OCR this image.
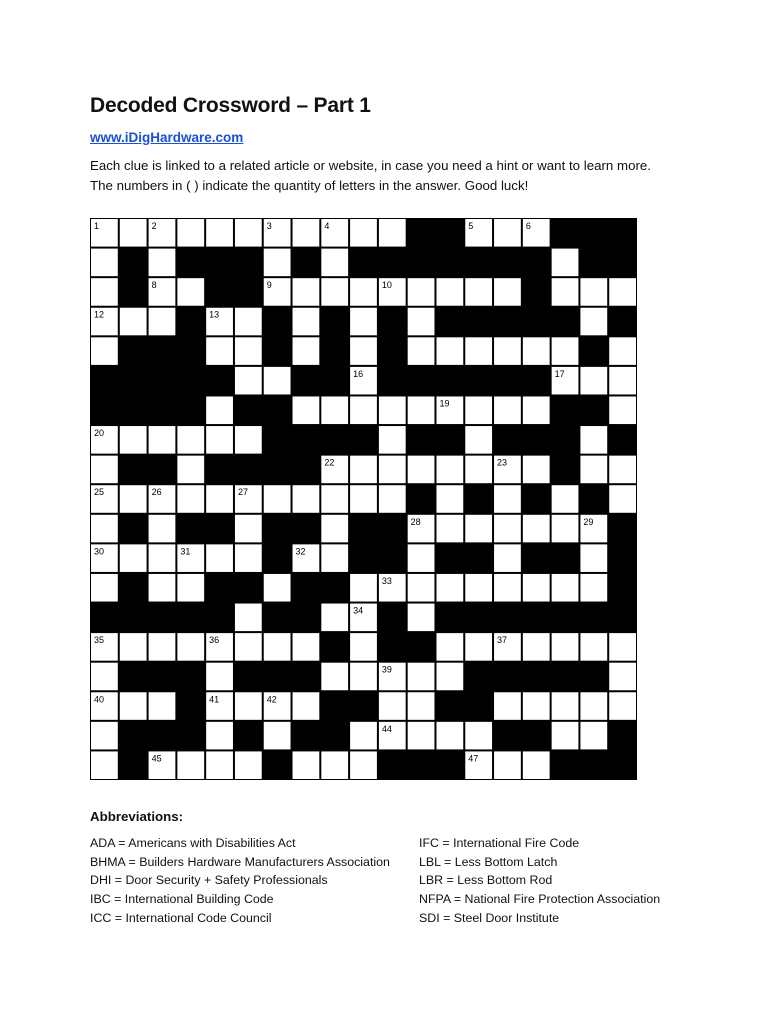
Decoded Crossword – Part 1
www.iDigHardware.com
Each clue is linked to a related article or website, in case you need a hint or want to learn more.
The numbers in ( ) indicate the quantity of letters in the answer. Good luck!
1	2	3	4	5	6
7
8	9	10	11
12	13
14
15	16	17
18	19
20	21
22	23	24
25	26	27
28	29
30	31	32
33
34
35	36	37
38	39
40	41	42	43
44
45	46	47
Abbreviations:
ADA = Americans with Disabilities Act
BHMA = Builders Hardware Manufacturers Association
DHI = Door Security + Safety Professionals
IBC = International Building Code
ICC = International Code Council
IFC = International Fire Code
LBL = Less Bottom Latch
LBR = Less Bottom Rod
NFPA = National Fire Protection Association
SDI = Steel Door Institute
